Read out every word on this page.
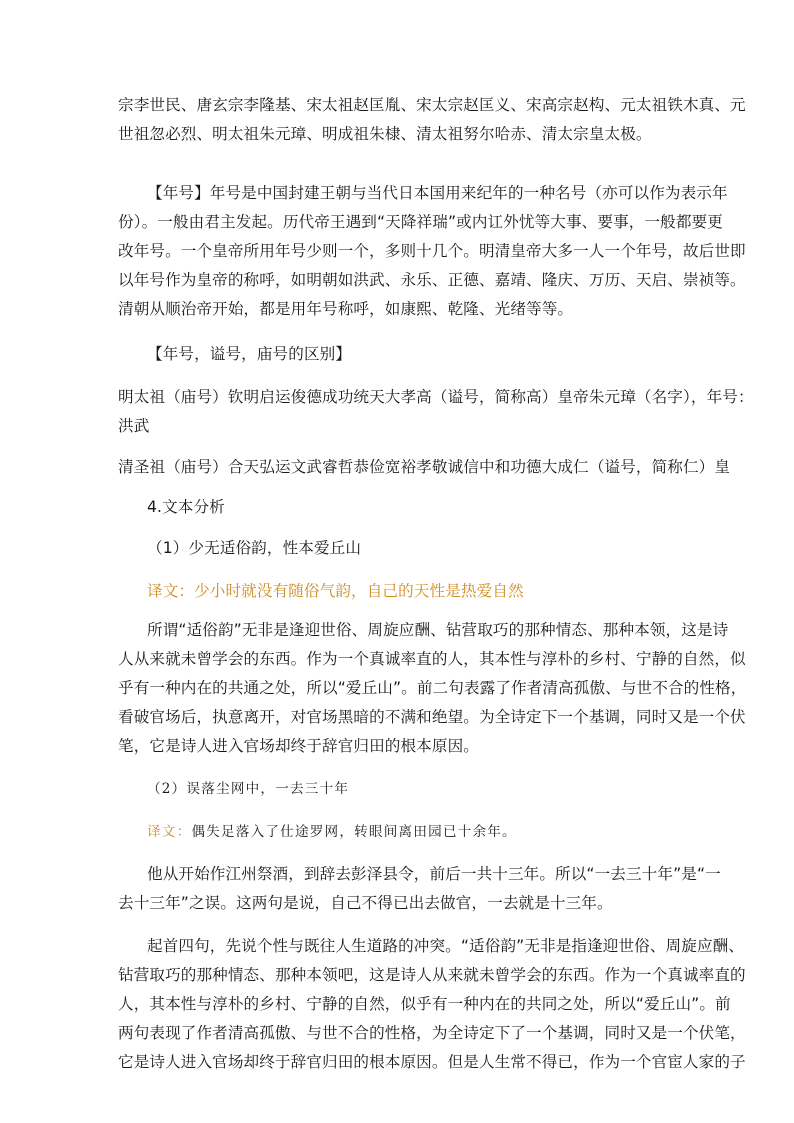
宗李世民、唐玄宗李隆基、宋太祖赵匡胤、宋太宗赵匡义、宋高宗赵构、元太祖铁木真、元
世祖忽必烈、明太祖朱元璋、明成祖朱棣、清太祖努尔哈赤、清太宗皇太极。
【年号】年号是中国封建王朝与当代日本国用来纪年的一种名号（亦可以作为表示年
份）。一般由君主发起。历代帝王遇到“天降祥瑞”或内讧外忧等大事、要事，一般都要更
改年号。一个皇帝所用年号少则一个，多则十几个。明清皇帝大多一人一个年号，故后世即
以年号作为皇帝的称呼，如明朝如洪武、永乐、正德、嘉靖、隆庆、万历、天启、崇祯等。
清朝从顺治帝开始，都是用年号称呼，如康熙、乾隆、光绪等等。
【年号，谥号，庙号的区别】
明太祖（庙号）钦明启运俊德成功统天大孝高（谥号，简称高）皇帝朱元璋（名字），年号：
洪武
清圣祖（庙号）合天弘运文武睿哲恭俭宽裕孝敬诚信中和功德大成仁（谥号，简称仁）皇
4.文本分析
（1）少无适俗韵，性本爱丘山
译文：少小时就没有随俗气韵，自己的天性是热爱自然
所谓“适俗韵”无非是逢迎世俗、周旋应酬、钻营取巧的那种情态、那种本领，这是诗
人从来就未曾学会的东西。作为一个真诚率直的人，其本性与淳朴的乡村、宁静的自然，似
乎有一种内在的共通之处，所以“爱丘山”。前二句表露了作者清高孤傲、与世不合的性格，
看破官场后，执意离开，对官场黑暗的不满和绝望。为全诗定下一个基调，同时又是一个伏
笔，它是诗人进入官场却终于辞官归田的根本原因。
（2）误落尘网中，一去三十年
译文：偶失足落入了仕途罗网，转眼间离田园已十余年。
他从开始作江州祭酒，到辞去彭泽县令，前后一共十三年。所以“一去三十年”是“一
去十三年”之误。这两句是说，自己不得已出去做官，一去就是十三年。
起首四句，先说个性与既往人生道路的冲突。“适俗韵”无非是指逢迎世俗、周旋应酬、
钻营取巧的那种情态、那种本领吧，这是诗人从来就未曾学会的东西。作为一个真诚率直的
人，其本性与淳朴的乡村、宁静的自然，似乎有一种内在的共同之处，所以“爱丘山”。前
两句表现了作者清高孤傲、与世不合的性格，为全诗定下了一个基调，同时又是一个伏笔，
它是诗人进入官场却终于辞官归田的根本原因。但是人生常不得已，作为一个官宦人家的子
